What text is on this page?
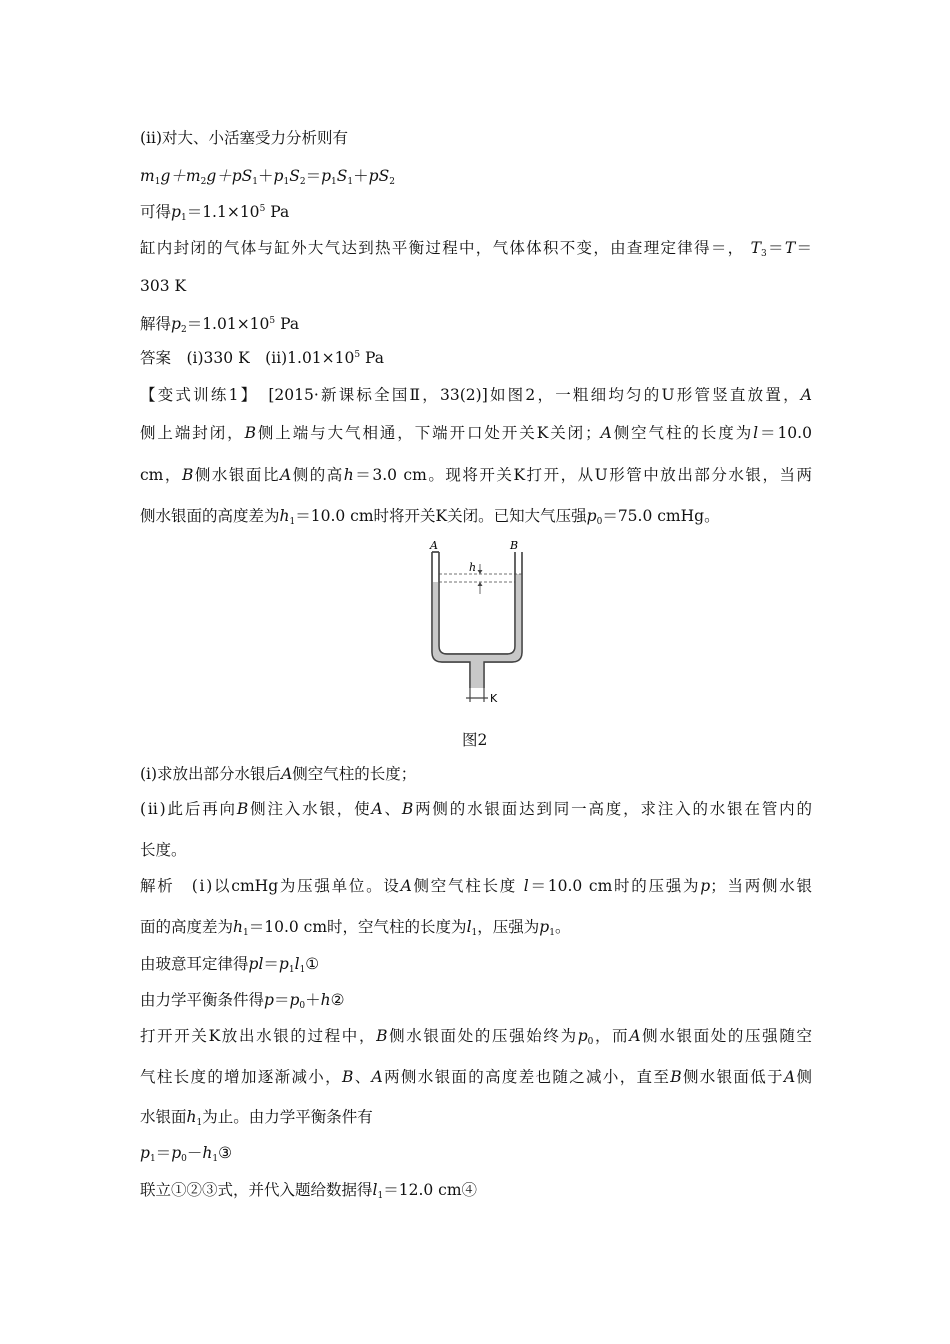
(ⅱ)对大、小活塞受力分析则有

$m_1g+m_2g+pS_1+p_1S_2=p_1S_1+pS_2$

可得$p_1=1.1\times 10^5$ Pa

缸内封闭的气体与缸外大气达到热平衡过程中，气体体积不变，由查理定律得＝， $T_3=T=$

303 K

解得$p_2=1.01\times 10^5$ Pa

答案　(ⅰ)330 K　$(ⅱ)1.01\times 10^5$ Pa

【变式训练1】　[2015·新课标全国Ⅱ，33(2)]如图2，一粗细均匀的U形管竖直放置，A

侧上端封闭，B侧上端与大气相通，下端开口处开关K关闭；A侧空气柱的长度为l＝10.0

cm，B侧水银面比A侧的高h＝3.0 cm。现将开关K打开，从U形管中放出部分水银，当两

侧水银面的高度差为$h_1=10.0$ cm时将开关K关闭。已知大气压强$p_0=75.0$ cmHg。

A	B
h
K
图2

(ⅰ)求放出部分水银后A侧空气柱的长度；

(ⅱ)此后再向B侧注入水银，使A、B两侧的水银面达到同一高度，求注入的水银在管内的

长度。

解析　(ⅰ)以cmHg为压强单位。设A侧空气柱长度 l＝10.0 cm时的压强为p；当两侧水银

面的高度差为$h_1=10.0$ cm时，空气柱的长度为$l_1$，压强为$p_1$。

由玻意耳定律得$pl=p_1l_1①$

由力学平衡条件得$p=p_0+h②$

打开开关K放出水银的过程中，B侧水银面处的压强始终为$p_0$，而A侧水银面处的压强随空

气柱长度的增加逐渐减小，B、A两侧水银面的高度差也随之减小，直至B侧水银面低于A侧

水银面$h_1$为止。由力学平衡条件有

$p_1=p_0-h_1③$

联立①②③式，并代入题给数据得$l_1=12.0$ cm④
